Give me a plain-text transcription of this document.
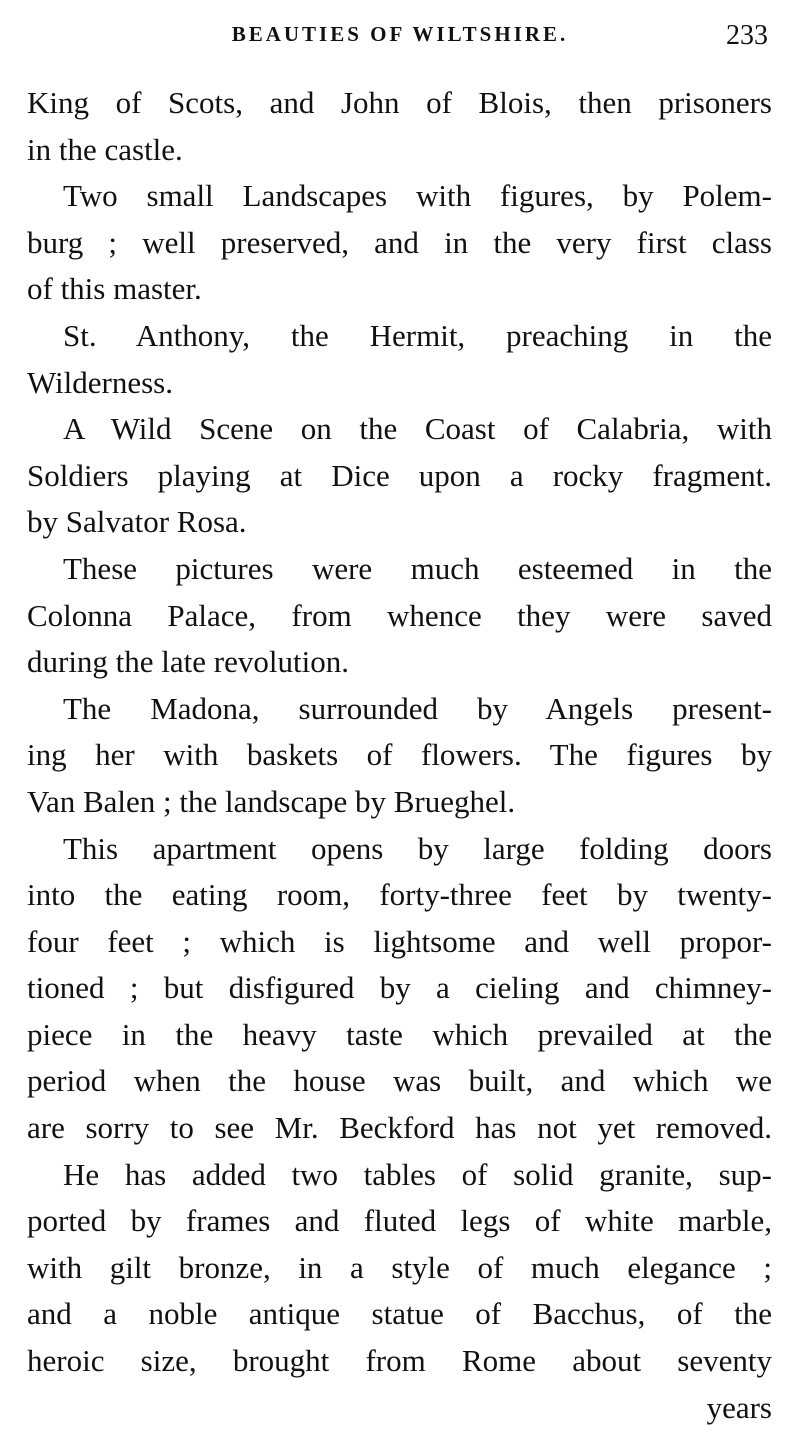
BEAUTIES OF WILTSHIRE.	233
King of Scots, and John of Blois, then prisoners
in the castle.
Two small Landscapes with figures, by Polem-
burg ; well preserved, and in the very first class
of this master.
St. Anthony, the Hermit, preaching in the
Wilderness.
A Wild Scene on the Coast of Calabria, with
Soldiers playing at Dice upon a rocky fragment.
by Salvator Rosa.
These pictures were much esteemed in the
Colonna Palace, from whence they were saved
during the late revolution.
The Madona, surrounded by Angels present-
ing her with baskets of flowers. The figures by
Van Balen ; the landscape by Brueghel.
This apartment opens by large folding doors
into the eating room, forty-three feet by twenty-
four feet ; which is lightsome and well propor-
tioned ; but disfigured by a cieling and chimney-
piece in the heavy taste which prevailed at the
period when the house was built, and which we
are sorry to see Mr. Beckford has not yet removed.
He has added two tables of solid granite, sup-
ported by frames and fluted legs of white marble,
with gilt bronze, in a style of much elegance ;
and a noble antique statue of Bacchus, of the
heroic size, brought from Rome about seventy
years
